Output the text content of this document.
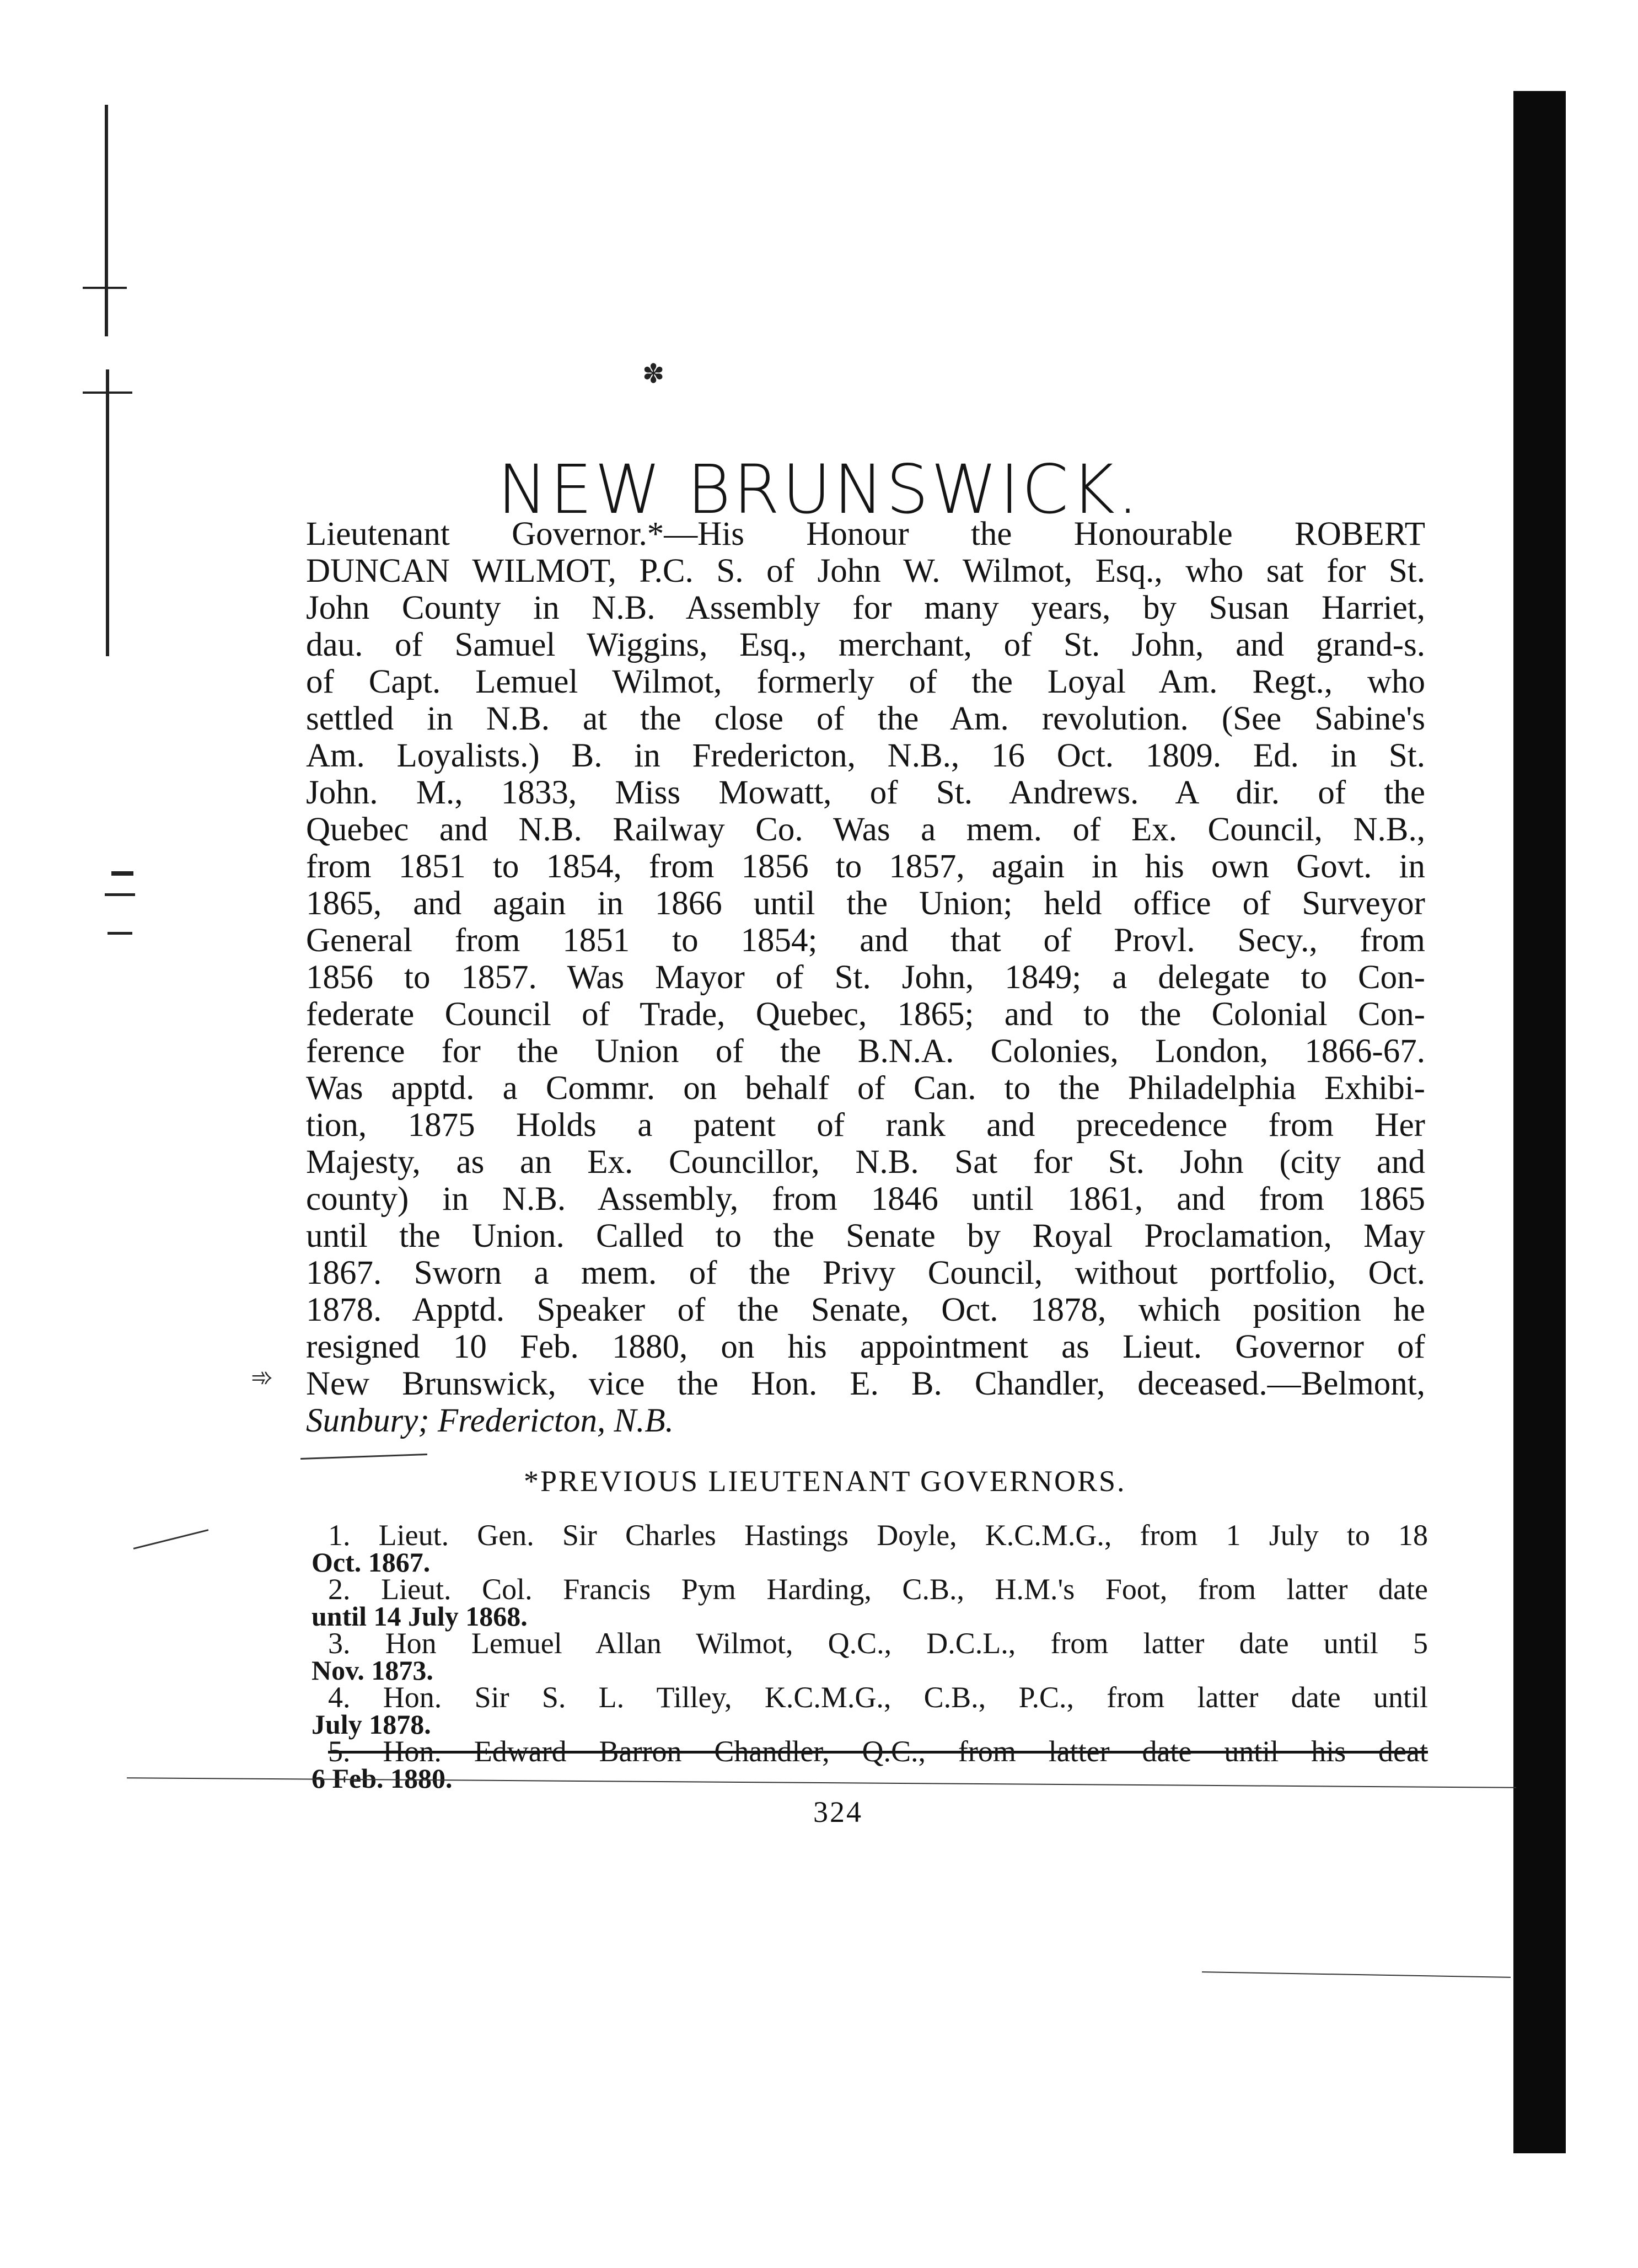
✽
➾
NEW BRUNSWICK.
Lieutenant Governor.*—His Honour the Honourable ROBERT
DUNCAN WILMOT, P.C. S. of John W. Wilmot, Esq., who sat for St.
John County in N.B. Assembly for many years, by Susan Harriet,
dau. of Samuel Wiggins, Esq., merchant, of St. John, and grand-s.
of Capt. Lemuel Wilmot, formerly of the Loyal Am. Regt., who
settled in N.B. at the close of the Am. revolution. (See Sabine's
Am. Loyalists.) B. in Fredericton, N.B., 16 Oct. 1809. Ed. in St.
John. M., 1833, Miss Mowatt, of St. Andrews. A dir. of the
Quebec and N.B. Railway Co. Was a mem. of Ex. Council, N.B.,
from 1851 to 1854, from 1856 to 1857, again in his own Govt. in
1865, and again in 1866 until the Union; held office of Surveyor
General from 1851 to 1854; and that of Provl. Secy., from
1856 to 1857. Was Mayor of St. John, 1849; a delegate to Con-
federate Council of Trade, Quebec, 1865; and to the Colonial Con-
ference for the Union of the B.N.A. Colonies, London, 1866-67.
Was apptd. a Commr. on behalf of Can. to the Philadelphia Exhibi-
tion, 1875 Holds a patent of rank and precedence from Her
Majesty, as an Ex. Councillor, N.B. Sat for St. John (city and
county) in N.B. Assembly, from 1846 until 1861, and from 1865
until the Union. Called to the Senate by Royal Proclamation, May
1867. Sworn a mem. of the Privy Council, without portfolio, Oct.
1878. Apptd. Speaker of the Senate, Oct. 1878, which position he
resigned 10 Feb. 1880, on his appointment as Lieut. Governor of
New Brunswick, vice the Hon. E. B. Chandler, deceased.—Belmont,
Sunbury; Fredericton, N.B.
*PREVIOUS LIEUTENANT GOVERNORS.
1. Lieut. Gen. Sir Charles Hastings Doyle, K.C.M.G., from 1 July to 18
Oct. 1867.
2. Lieut. Col. Francis Pym Harding, C.B., H.M.'s Foot, from latter date
until 14 July 1868.
3. Hon Lemuel Allan Wilmot, Q.C., D.C.L., from latter date until 5
Nov. 1873.
4. Hon. Sir S. L. Tilley, K.C.M.G., C.B., P.C., from latter date until
July 1878.
5. Hon. Edward Barron Chandler, Q.C., from latter date until his deat
6 Feb. 1880.
324
